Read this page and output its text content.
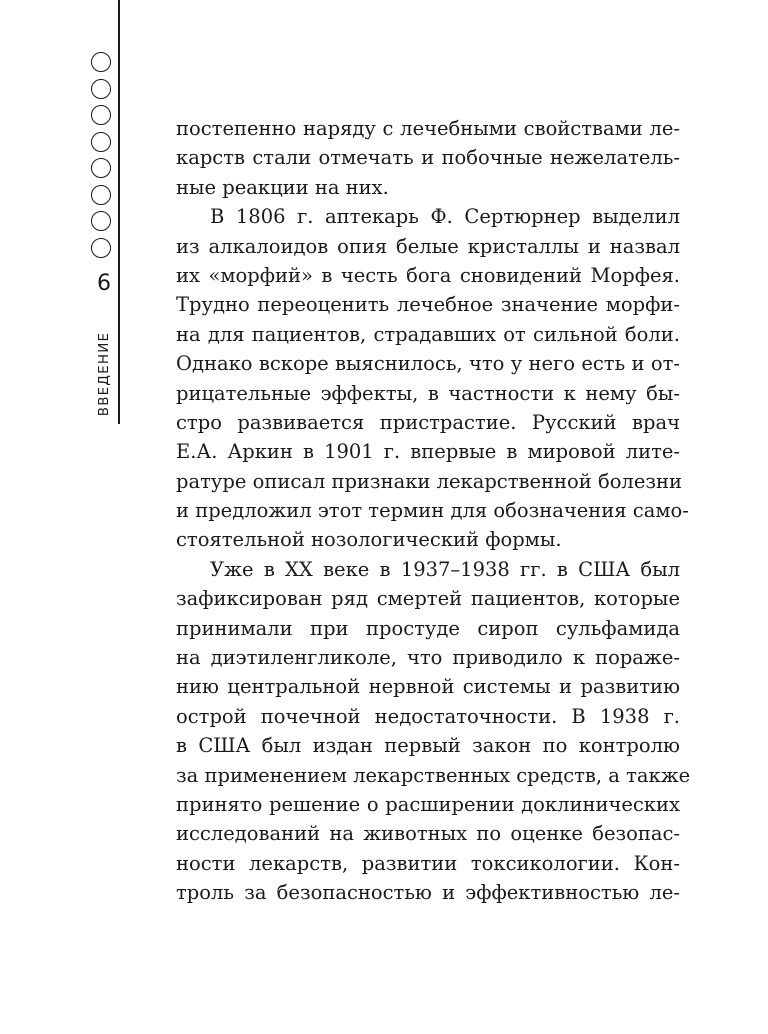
6
ВВЕДЕНИЕ
постепенно наряду с лечебными свойствами ле-
карств стали отмечать и побочные нежелатель-
ные реакции на них.
В 1806 г. аптекарь Ф. Сертюрнер выделил
из алкалоидов опия белые кристаллы и назвал
их «морфий» в честь бога сновидений Морфея.
Трудно переоценить лечебное значение морфи-
на для пациентов, страдавших от сильной боли.
Однако вскоре выяснилось, что у него есть и от-
рицательные эффекты, в частности к нему бы-
стро развивается пристрастие. Русский врач
Е.А. Аркин в 1901 г. впервые в мировой лите-
ратуре описал признаки лекарственной болезни
и предложил этот термин для обозначения само-
стоятельной нозологический формы.
Уже в XX веке в 1937–1938 гг. в США был
зафиксирован ряд смертей пациентов, которые
принимали при простуде сироп сульфамида
на диэтиленгликоле, что приводило к пораже-
нию центральной нервной системы и развитию
острой почечной недостаточности. В 1938 г.
в США был издан первый закон по контролю
за применением лекарственных средств, а также
принято решение о расширении доклинических
исследований на животных по оценке безопас-
ности лекарств, развитии токсикологии. Кон-
троль за безопасностью и эффективностью ле-
